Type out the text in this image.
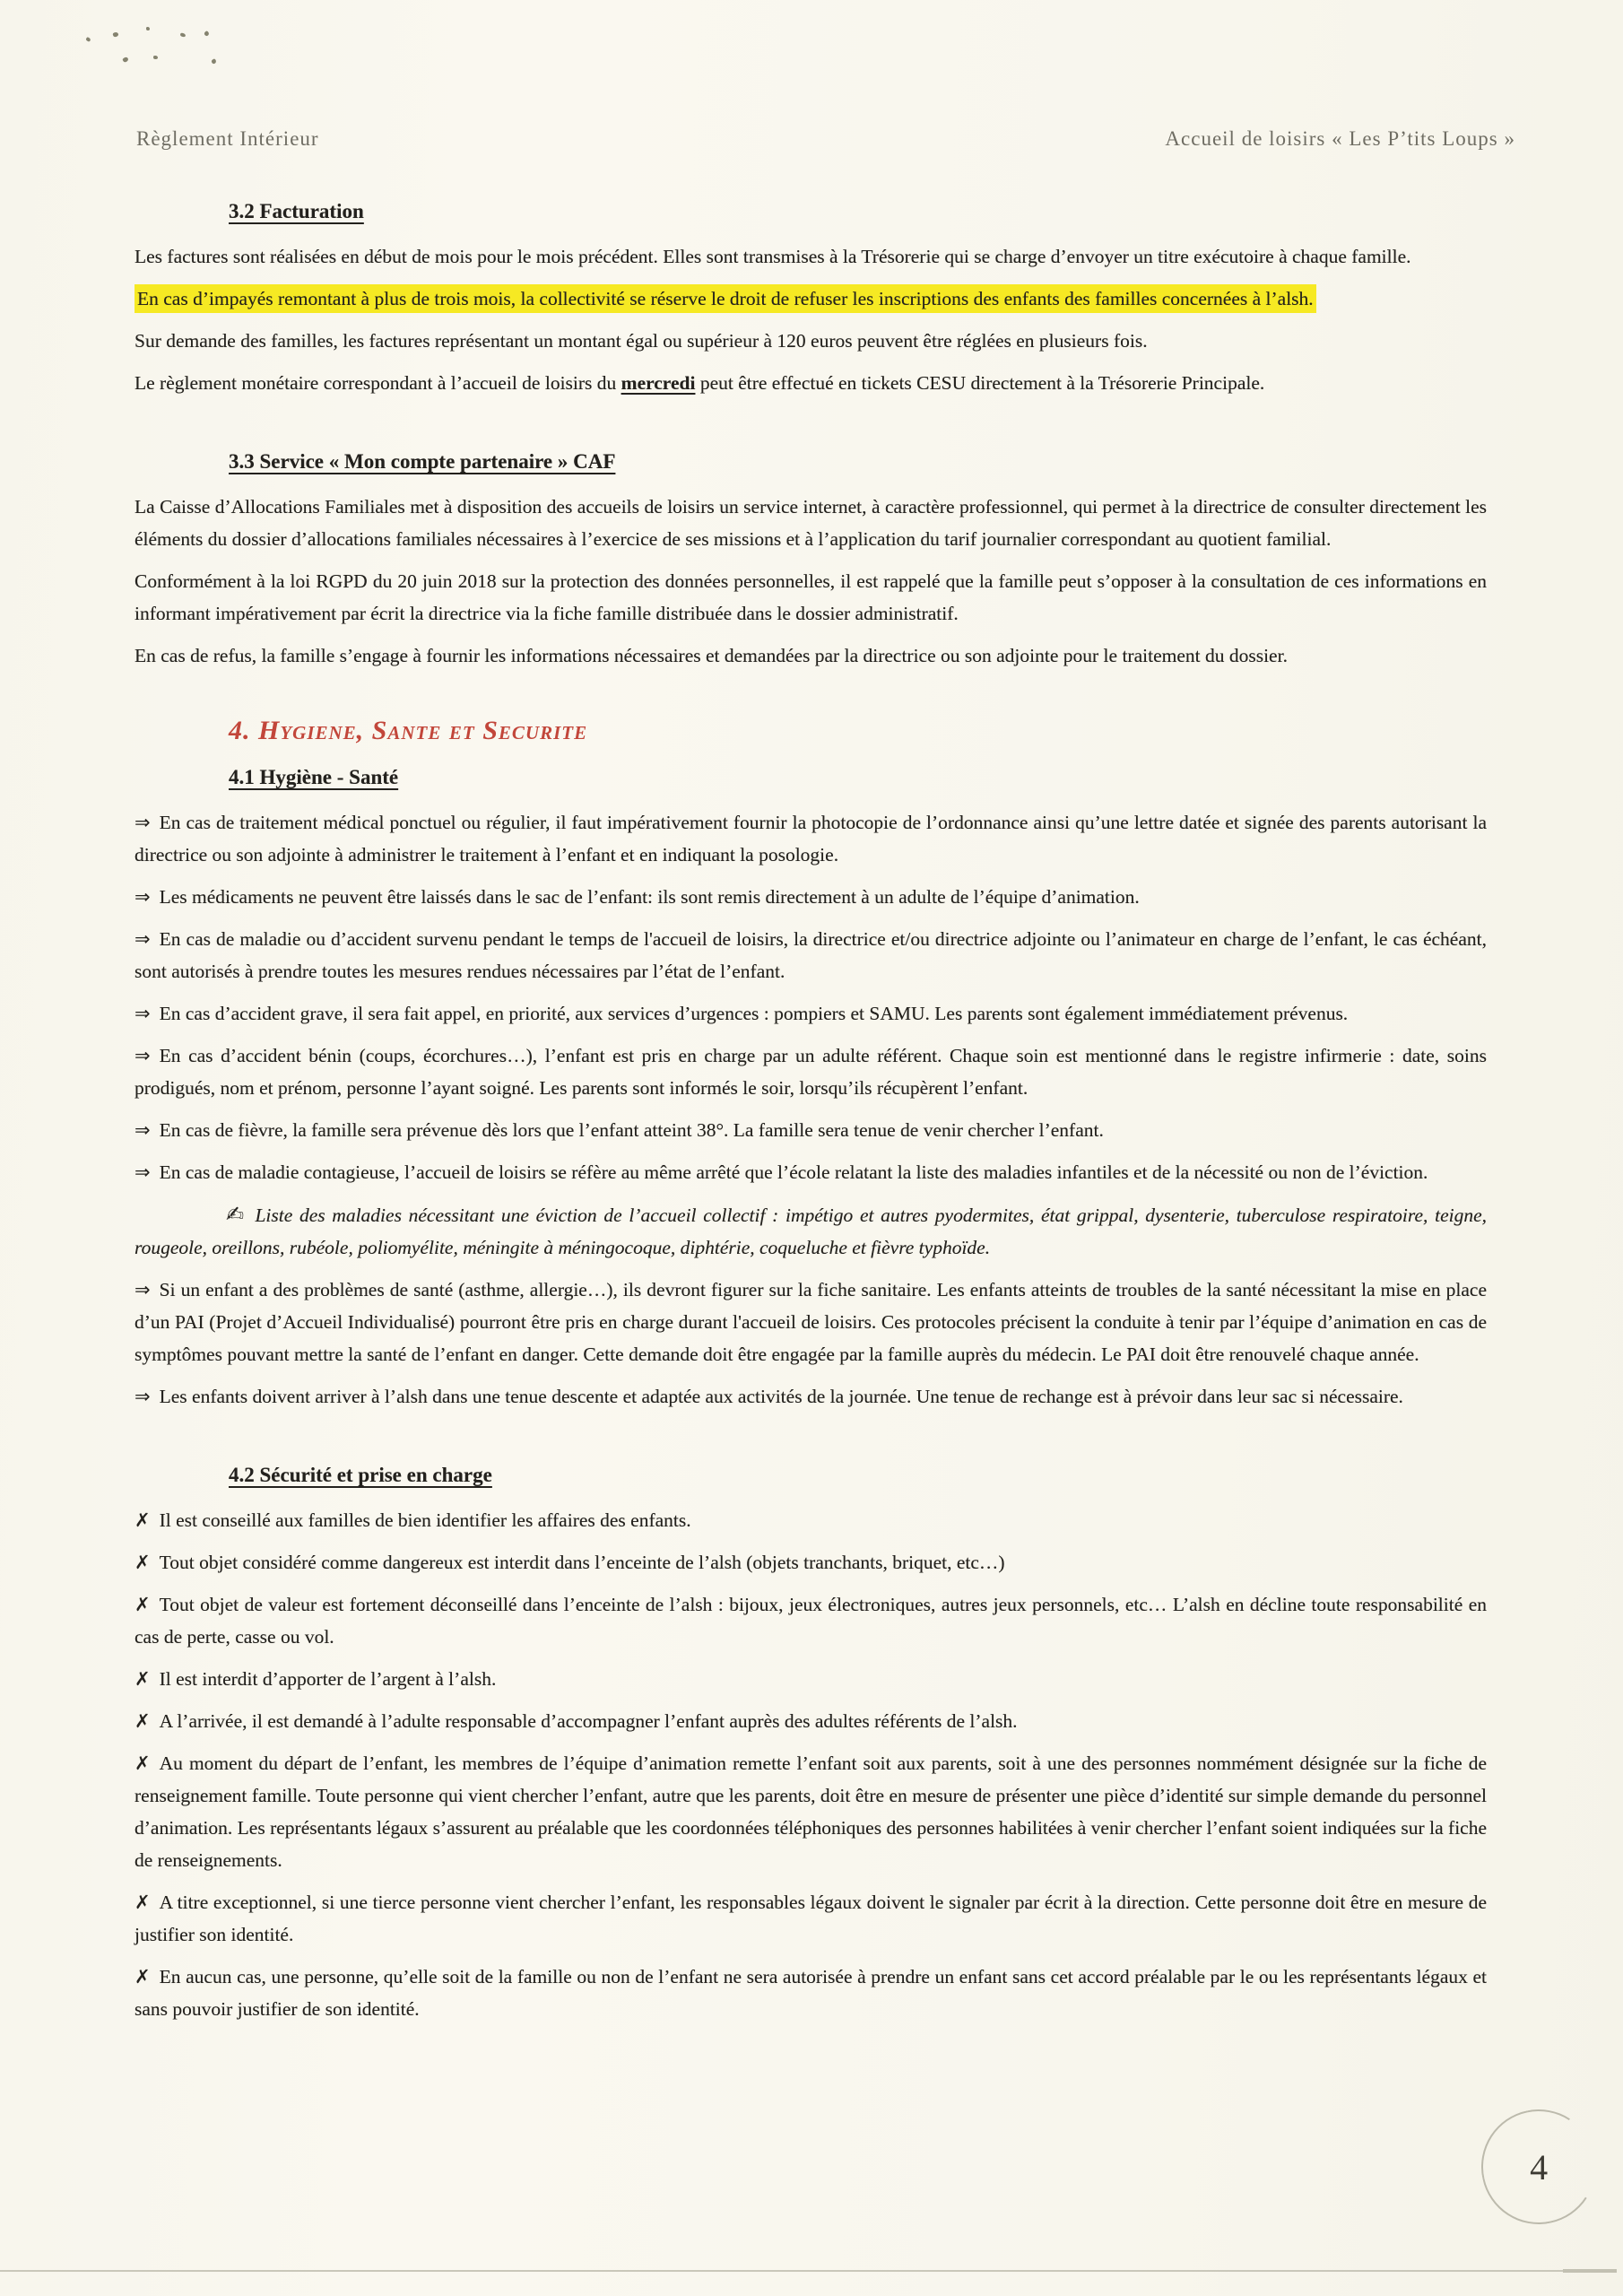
Règlement Intérieur	Accueil de loisirs « Les P’tits Loups »

3.2 Facturation

Les factures sont réalisées en début de mois pour le mois précédent. Elles sont transmises à la Trésorerie qui se charge d’envoyer un titre exécutoire à chaque famille.

En cas d’impayés remontant à plus de trois mois, la collectivité se réserve le droit de refuser les inscriptions des enfants des familles concernées à l’alsh.

Sur demande des familles, les factures représentant un montant égal ou supérieur à 120 euros peuvent être réglées en plusieurs fois.

Le règlement monétaire correspondant à l’accueil de loisirs du mercredi peut être effectué en tickets CESU directement à la Trésorerie Principale.

3.3 Service « Mon compte partenaire » CAF

La Caisse d’Allocations Familiales met à disposition des accueils de loisirs un service internet, à caractère professionnel, qui permet à la directrice de consulter directement les éléments du dossier d’allocations familiales nécessaires à l’exercice de ses missions et à l’application du tarif journalier correspondant au quotient familial.

Conformément à la loi RGPD du 20 juin 2018 sur la protection des données personnelles, il est rappelé que la famille peut s’opposer à la consultation de ces informations en informant impérativement par écrit la directrice via la fiche famille distribuée dans le dossier administratif.

En cas de refus, la famille s’engage à fournir les informations nécessaires et demandées par la directrice ou son adjointe pour le traitement du dossier.

4. Hygiene, Sante et Securite

4.1 Hygiène - Santé

⇒ En cas de traitement médical ponctuel ou régulier, il faut impérativement fournir la photocopie de l’ordonnance ainsi qu’une lettre datée et signée des parents autorisant la directrice ou son adjointe à administrer le traitement à l’enfant et en indiquant la posologie.

⇒ Les médicaments ne peuvent être laissés dans le sac de l’enfant: ils sont remis directement à un adulte de l’équipe d’animation.

⇒ En cas de maladie ou d’accident survenu pendant le temps de l'accueil de loisirs, la directrice et/ou directrice adjointe ou l’animateur en charge de l’enfant, le cas échéant, sont autorisés à prendre toutes les mesures rendues nécessaires par l’état de l’enfant.

⇒ En cas d’accident grave, il sera fait appel, en priorité, aux services d’urgences : pompiers et SAMU. Les parents sont également immédiatement prévenus.

⇒ En cas d’accident bénin (coups, écorchures…), l’enfant est pris en charge par un adulte référent. Chaque soin est mentionné dans le registre infirmerie : date, soins prodigués, nom et prénom, personne l’ayant soigné. Les parents sont informés le soir, lorsqu’ils récupèrent l’enfant.

⇒ En cas de fièvre, la famille sera prévenue dès lors que l’enfant atteint 38°. La famille sera tenue de venir chercher l’enfant.

⇒ En cas de maladie contagieuse, l’accueil de loisirs se réfère au même arrêté que l’école relatant la liste des maladies infantiles et de la nécessité ou non de l’éviction.

✍ Liste des maladies nécessitant une éviction de l’accueil collectif : impétigo et autres pyodermites, état grippal, dysenterie, tuberculose respiratoire, teigne, rougeole, oreillons, rubéole, poliomyélite, méningite à méningocoque, diphtérie, coqueluche et fièvre typhoïde.

⇒ Si un enfant a des problèmes de santé (asthme, allergie…), ils devront figurer sur la fiche sanitaire. Les enfants atteints de troubles de la santé nécessitant la mise en place d’un PAI (Projet d’Accueil Individualisé) pourront être pris en charge durant l'accueil de loisirs. Ces protocoles précisent la conduite à tenir par l’équipe d’animation en cas de symptômes pouvant mettre la santé de l’enfant en danger. Cette demande doit être engagée par la famille auprès du médecin. Le PAI doit être renouvelé chaque année.

⇒ Les enfants doivent arriver à l’alsh dans une tenue descente et adaptée aux activités de la journée. Une tenue de rechange est à prévoir dans leur sac si nécessaire.

4.2 Sécurité et prise en charge

✗ Il est conseillé aux familles de bien identifier les affaires des enfants.

✗ Tout objet considéré comme dangereux est interdit dans l’enceinte de l’alsh (objets tranchants, briquet, etc…)

✗ Tout objet de valeur est fortement déconseillé dans l’enceinte de l’alsh : bijoux, jeux électroniques, autres jeux personnels, etc… L’alsh en décline toute responsabilité en cas de perte, casse ou vol.

✗ Il est interdit d’apporter de l’argent à l’alsh.

✗ A l’arrivée, il est demandé à l’adulte responsable d’accompagner l’enfant auprès des adultes référents de l’alsh.

✗ Au moment du départ de l’enfant, les membres de l’équipe d’animation remette l’enfant soit aux parents, soit à une des personnes nommément désignée sur la fiche de renseignement famille. Toute personne qui vient chercher l’enfant, autre que les parents, doit être en mesure de présenter une pièce d’identité sur simple demande du personnel d’animation. Les représentants légaux s’assurent au préalable que les coordonnées téléphoniques des personnes habilitées à venir chercher l’enfant soient indiquées sur la fiche de renseignements.

✗ A titre exceptionnel, si une tierce personne vient chercher l’enfant, les responsables légaux doivent le signaler par écrit à la direction. Cette personne doit être en mesure de justifier son identité.

✗ En aucun cas, une personne, qu’elle soit de la famille ou non de l’enfant ne sera autorisée à prendre un enfant sans cet accord préalable par le ou les représentants légaux et sans pouvoir justifier de son identité.

4
